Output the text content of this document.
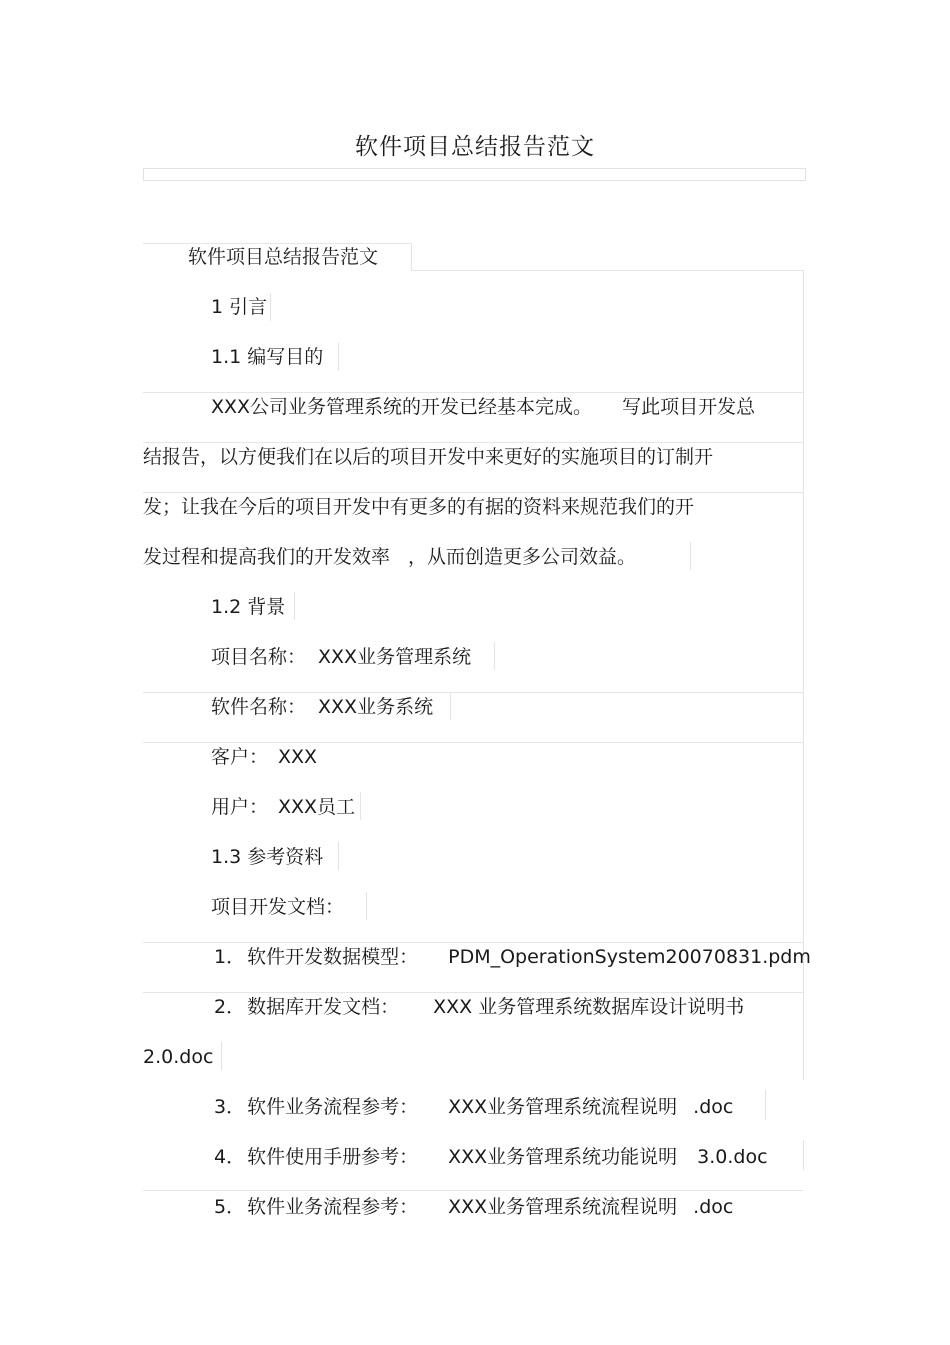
软件项目总结报告范文
软件项目总结报告范文
1 引言
1.1 编写目的
XXX公司业务管理系统的开发已经基本完成。 写此项目开发总
结报告，以方便我们在以后的项目开发中来更好的实施项目的订制开
发；让我在今后的项目开发中有更多的有据的资料来规范我们的开
发过程和提高我们的开发效率 ，从而创造更多公司效益。
1.2 背景
项目名称： XXX业务管理系统
软件名称： XXX业务系统
客户： XXX
用户： XXX员工
1.3 参考资料
项目开发文档：
1． 软件开发数据模型： PDM_OperationSystem20070831.pdm
2． 数据库开发文档： XXX 业务管理系统数据库设计说明书
2.0.doc
3． 软件业务流程参考： XXX业务管理系统流程说明 .doc
4． 软件使用手册参考： XXX业务管理系统功能说明 3.0.doc
5． 软件业务流程参考： XXX业务管理系统流程说明 .doc
